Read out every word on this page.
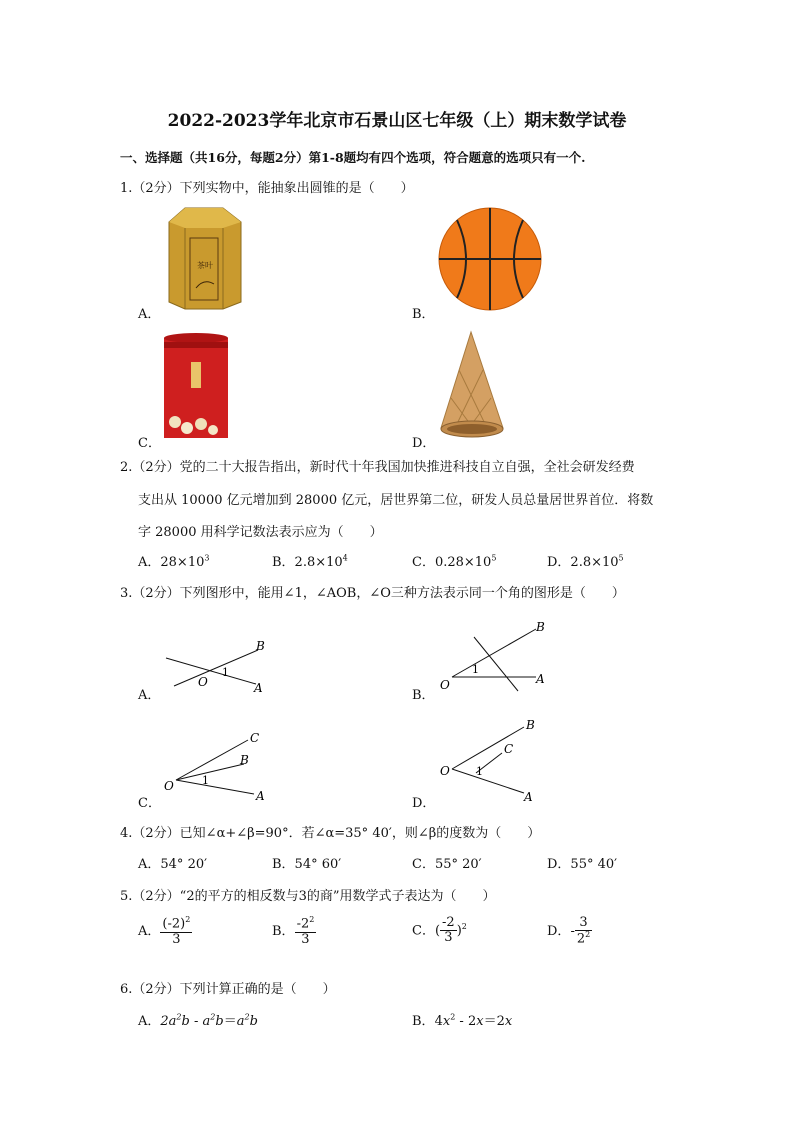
2022-2023学年北京市石景山区七年级（上）期末数学试卷
一、选择题（共16分，每题2分）第1-8题均有四个选项，符合题意的选项只有一个.
1.（2分）下列实物中，能抽象出圆锥的是（　　）
茶叶
A．	B．
C．	D．
2.（2分）党的二十大报告指出，新时代十年我国加快推进科技自立自强，全社会研发经费
支出从 10000 亿元增加到 28000 亿元，居世界第二位，研发人员总量居世界首位．将数
字 28000 用科学记数法表示应为（　　）
A．$28\times 10^3$	B．$2.8\times 10^4$	C．$0.28\times 10^5$	D．$2.8\times 10^5$
3.（2分）下列图形中，能用∠1，∠AOB，∠O三种方法表示同一个角的图形是（　　）
O
B
A
1
A．
O
B
A
1
B．
O
C
B
A
1
C．
O
B
C
A
1
D．
4.（2分）已知∠α+∠β=90°．若∠α=35° 40′，则∠β的度数为（　　）
A．54° 20′	B．54° 60′	C．55° 20′	D．55° 40′
5.（2分）“2的平方的相反数与3的商”用数学式子表达为（　　）
A． $\frac{(-2)^2}{3}$	B． $\frac{-2^2}{3}$	C．( $\frac{-2}{3} )^2$	D．- $\frac{3}{2^2}$
6.（2分）下列计算正确的是（　　）
A．$2a^2b - a^2b=a^2b$	B．$4x^2 - 2x=2x$
